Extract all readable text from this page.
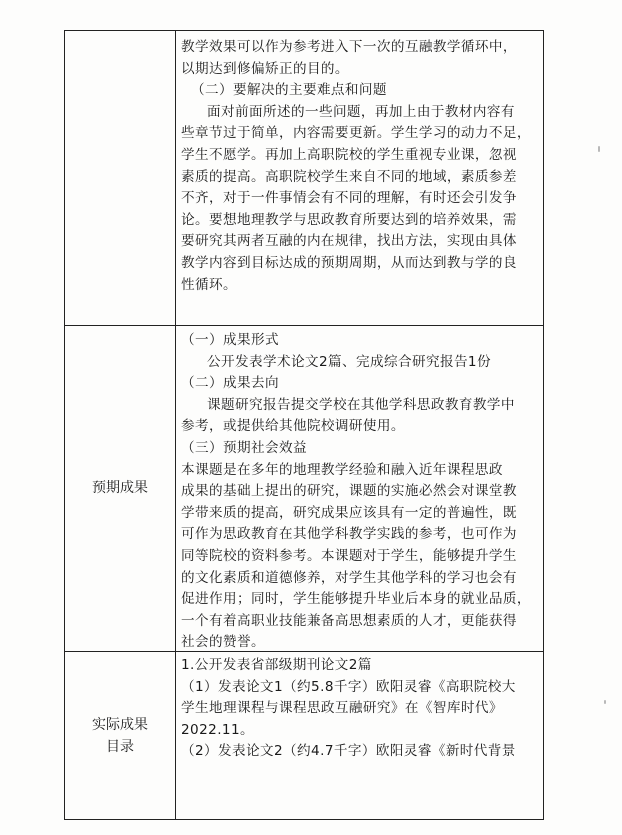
教学效果可以作为参考进入下一次的互融教学循环中，
以期达到修偏矫正的目的。
（二）要解决的主要难点和问题
面对前面所述的一些问题，再加上由于教材内容有
些章节过于简单，内容需要更新。学生学习的动力不足，
学生不愿学。再加上高职院校的学生重视专业课，忽视
素质的提高。高职院校学生来自不同的地域，素质参差
不齐，对于一件事情会有不同的理解，有时还会引发争
论。要想地理教学与思政教育所要达到的培养效果，需
要研究其两者互融的内在规律，找出方法，实现由具体
教学内容到目标达成的预期周期，从而达到教与学的良
性循环。
预期成果
（一）成果形式
公开发表学术论文2篇、完成综合研究报告1份
（二）成果去向
课题研究报告提交学校在其他学科思政教育教学中
参考，或提供给其他院校调研使用。
（三）预期社会效益
本课题是在多年的地理教学经验和融入近年课程思政
成果的基础上提出的研究，课题的实施必然会对课堂教
学带来质的提高，研究成果应该具有一定的普遍性，既
可作为思政教育在其他学科教学实践的参考，也可作为
同等院校的资料参考。本课题对于学生，能够提升学生
的文化素质和道德修养，对学生其他学科的学习也会有
促进作用；同时，学生能够提升毕业后本身的就业品质，
一个有着高职业技能兼备高思想素质的人才，更能获得
社会的赞誉。
实际成果
目录
1.公开发表省部级期刊论文2篇
（1）发表论文1（约5.8千字）欧阳灵睿《高职院校大
学生地理课程与课程思政互融研究》在《智库时代》
2022.11。
（2）发表论文2（约4.7千字）欧阳灵睿《新时代背景
